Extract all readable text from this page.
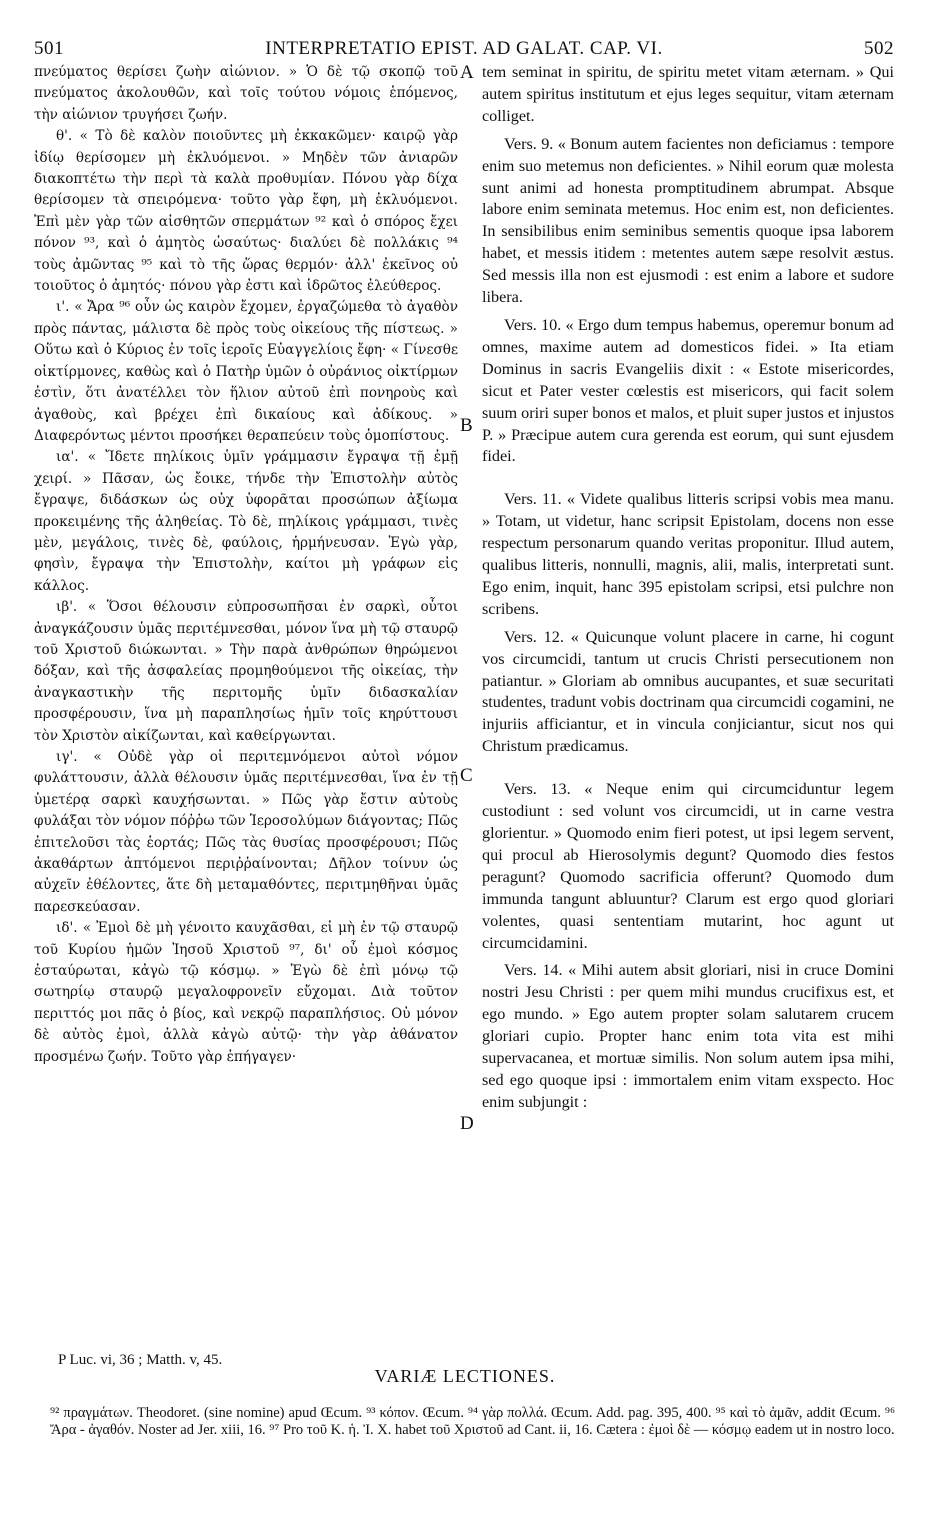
501	INTERPRETATIO EPIST. AD GALAT. CAP. VI.	502
A
B
C
D

πνεύματος θερίσει ζωὴν αἰώνιον. » Ὁ δὲ τῷ σκοπῷ τοῦ πνεύματος ἀκολουθῶν, καὶ τοῖς τούτου νόμοις ἑπόμενος, τὴν αἰώνιον τρυγήσει ζωήν.

θ'. « Τὸ δὲ καλὸν ποιοῦντες μὴ ἐκκακῶμεν· καιρῷ γὰρ ἰδίῳ θερίσομεν μὴ ἐκλυόμενοι. » Μηδὲν τῶν ἀνιαρῶν διακοπτέτω τὴν περὶ τὰ καλὰ προθυμίαν. Πόνου γὰρ δίχα θερίσομεν τὰ σπειρόμενα· τοῦτο γὰρ ἔφη, μὴ ἐκλυόμενοι. Ἐπὶ μὲν γὰρ τῶν αἰσθητῶν σπερμάτων ⁹² καὶ ὁ σπόρος ἔχει πόνον ⁹³, καὶ ὁ ἀμητὸς ὡσαύτως· διαλύει δὲ πολλάκις ⁹⁴ τοὺς ἀμῶντας ⁹⁵ καὶ τὸ τῆς ὥρας θερμόν· ἀλλ' ἐκεῖνος οὐ τοιοῦτος ὁ ἀμητός· πόνου γὰρ ἐστι καὶ ἱδρῶτος ἐλεύθερος.

ι'. « Ἄρα ⁹⁶ οὖν ὡς καιρὸν ἔχομεν, ἐργαζώμεθα τὸ ἀγαθὸν πρὸς πάντας, μάλιστα δὲ πρὸς τοὺς οἰκείους τῆς πίστεως. » Οὕτω καὶ ὁ Κύριος ἐν τοῖς ἱεροῖς Εὐαγγελίοις ἔφη· « Γίνεσθε οἰκτίρμονες, καθὼς καὶ ὁ Πατὴρ ὑμῶν ὁ οὐράνιος οἰκτίρμων ἐστὶν, ὅτι ἀνατέλλει τὸν ἥλιον αὐτοῦ ἐπὶ πονηροὺς καὶ ἀγαθοὺς, καὶ βρέχει ἐπὶ δικαίους καὶ ἀδίκους. » Διαφερόντως μέντοι προσήκει θεραπεύειν τοὺς ὁμοπίστους.

ια'. « Ἴδετε πηλίκοις ὑμῖν γράμμασιν ἔγραψα τῇ ἐμῇ χειρί. » Πᾶσαν, ὡς ἔοικε, τήνδε τὴν Ἐπιστολὴν αὐτὸς ἔγραψε, διδάσκων ὡς οὐχ ὑφορᾶται προσώπων ἀξίωμα προκειμένης τῆς ἀληθείας. Τὸ δὲ, πηλίκοις γράμμασι, τινὲς μὲν, μεγάλοις, τινὲς δὲ, φαύλοις, ἡρμήνευσαν. Ἐγὼ γὰρ, φησὶν, ἔγραψα τὴν Ἐπιστολὴν, καίτοι μὴ γράφων εἰς κάλλος.

ιβ'. « Ὅσοι θέλουσιν εὐπροσωπῆσαι ἐν σαρκὶ, οὗτοι ἀναγκάζουσιν ὑμᾶς περιτέμνεσθαι, μόνον ἵνα μὴ τῷ σταυρῷ τοῦ Χριστοῦ διώκωνται. » Τὴν παρὰ ἀνθρώπων θηρώμενοι δόξαν, καὶ τῆς ἀσφαλείας προμηθούμενοι τῆς οἰκείας, τὴν ἀναγκαστικὴν τῆς περιτομῆς ὑμῖν διδασκαλίαν προσφέρουσιν, ἵνα μὴ παραπλησίως ἡμῖν τοῖς κηρύττουσι τὸν Χριστὸν αἰκίζωνται, καὶ καθείργωνται.

ιγ'. « Οὐδὲ γὰρ οἱ περιτεμνόμενοι αὐτοὶ νόμον φυλάττουσιν, ἀλλὰ θέλουσιν ὑμᾶς περιτέμνεσθαι, ἵνα ἐν τῇ ὑμετέρᾳ σαρκὶ καυχήσωνται. » Πῶς γὰρ ἔστιν αὐτοὺς φυλάξαι τὸν νόμον πόῤῥω τῶν Ἱεροσολύμων διάγοντας; Πῶς ἐπιτελοῦσι τὰς ἑορτάς; Πῶς τὰς θυσίας προσφέρουσι; Πῶς ἀκαθάρτων ἀπτόμενοι περιῤῥαίνονται; Δῆλον τοίνυν ὡς αὐχεῖν ἐθέλοντες, ἅτε δὴ μεταμαθόντες, περιτμηθῆναι ὑμᾶς παρεσκεύασαν.

ιδ'. « Ἐμοὶ δὲ μὴ γένοιτο καυχᾶσθαι, εἰ μὴ ἐν τῷ σταυρῷ τοῦ Κυρίου ἡμῶν Ἰησοῦ Χριστοῦ ⁹⁷, δι' οὗ ἐμοὶ κόσμος ἐσταύρωται, κἀγὼ τῷ κόσμῳ. » Ἐγὼ δὲ ἐπὶ μόνῳ τῷ σωτηρίῳ σταυρῷ μεγαλοφρονεῖν εὔχομαι. Διὰ τοῦτον περιττός μοι πᾶς ὁ βίος, καὶ νεκρῷ παραπλήσιος. Οὐ μόνον δὲ αὐτὸς ἐμοὶ, ἀλλὰ κἀγὼ αὐτῷ· τὴν γὰρ ἀθάνατον προσμένω ζωήν. Τοῦτο γὰρ ἐπήγαγεν·

tem seminat in spiritu, de spiritu metet vitam æternam. » Qui autem spiritus institutum et ejus leges sequitur, vitam æternam colliget.

Vers. 9. « Bonum autem facientes non deficiamus : tempore enim suo metemus non deficientes. » Nihil eorum quæ molesta sunt animi ad honesta promptitudinem abrumpat. Absque labore enim seminata metemus. Hoc enim est, non deficientes. In sensibilibus enim seminibus sementis quoque ipsa laborem habet, et messis itidem : metentes autem sæpe resolvit æstus. Sed messis illa non est ejusmodi : est enim a labore et sudore libera.

Vers. 10. « Ergo dum tempus habemus, operemur bonum ad omnes, maxime autem ad domesticos fidei. » Ita etiam Dominus in sacris Evangeliis dixit : « Estote misericordes, sicut et Pater vester cœlestis est misericors, qui facit solem suum oriri super bonos et malos, et pluit super justos et injustos P. » Præcipue autem cura gerenda est eorum, qui sunt ejusdem fidei.

Vers. 11. « Videte qualibus litteris scripsi vobis mea manu. » Totam, ut videtur, hanc scripsit Epistolam, docens non esse respectum personarum quando veritas proponitur. Illud autem, qualibus litteris, nonnulli, magnis, alii, malis, interpretati sunt. Ego enim, inquit, hanc 395 epistolam scripsi, etsi pulchre non scribens.

Vers. 12. « Quicunque volunt placere in carne, hi cogunt vos circumcidi, tantum ut crucis Christi persecutionem non patiantur. » Gloriam ab omnibus aucupantes, et suæ securitati studentes, tradunt vobis doctrinam qua circumcidi cogamini, ne injuriis afficiantur, et in vincula conjiciantur, sicut nos qui Christum prædicamus.

Vers. 13. « Neque enim qui circumciduntur legem custodiunt : sed volunt vos circumcidi, ut in carne vestra glorientur. » Quomodo enim fieri potest, ut ipsi legem servent, qui procul ab Hierosolymis degunt? Quomodo dies festos peragunt? Quomodo sacrificia offerunt? Quomodo dum immunda tangunt abluuntur? Clarum est ergo quod gloriari volentes, quasi sententiam mutarint, hoc agunt ut circumcidamini.

Vers. 14. « Mihi autem absit gloriari, nisi in cruce Domini nostri Jesu Christi : per quem mihi mundus crucifixus est, et ego mundo. » Ego autem propter solam salutarem crucem gloriari cupio. Propter hanc enim tota vita est mihi supervacanea, et mortuæ similis. Non solum autem ipsa mihi, sed ego quoque ipsi : immortalem enim vitam exspecto. Hoc enim subjungit :

P Luc. vi, 36 ; Matth. v, 45.
VARIÆ LECTIONES.
⁹² πραγμάτων. Theodoret. (sine nomine) apud Œcum. ⁹³ κόπον. Œcum. ⁹⁴ γὰρ πολλά. Œcum. Add. pag. 395, 400. ⁹⁵ καὶ τὸ ἀμᾶν, addit Œcum. ⁹⁶ Ἄρα - ἀγαθόν. Noster ad Jer. xiii, 16. ⁹⁷ Pro τοῦ Κ. ἡ. Ἰ. Χ. habet τοῦ Χριστοῦ ad Cant. ii, 16. Cætera : ἐμοὶ δὲ — κόσμῳ eadem ut in nostro loco.
